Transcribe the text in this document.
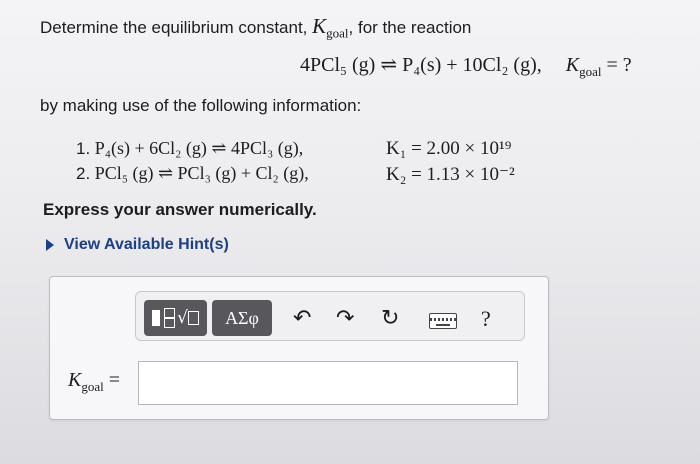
Determine the equilibrium constant, $K_{goal}$, for the reaction
4PCl₅ (g) ⇌ P₄(s) + 10Cl₂ (g), $K_{goal}$ = ?
by making use of the following information:
1. P₄(s) + 6Cl₂ (g) ⇌ 4PCl₃ (g),	K₁ = 2.00 × 10¹⁹
2. PCl₅ (g) ⇌ PCl₃ (g) + Cl₂ (g),	K₂ = 1.13 × 10⁻²
Express your answer numerically.
View Available Hint(s)
√	ΑΣφ ↶ ↷ ↻	?
$K_{goal}$ =
